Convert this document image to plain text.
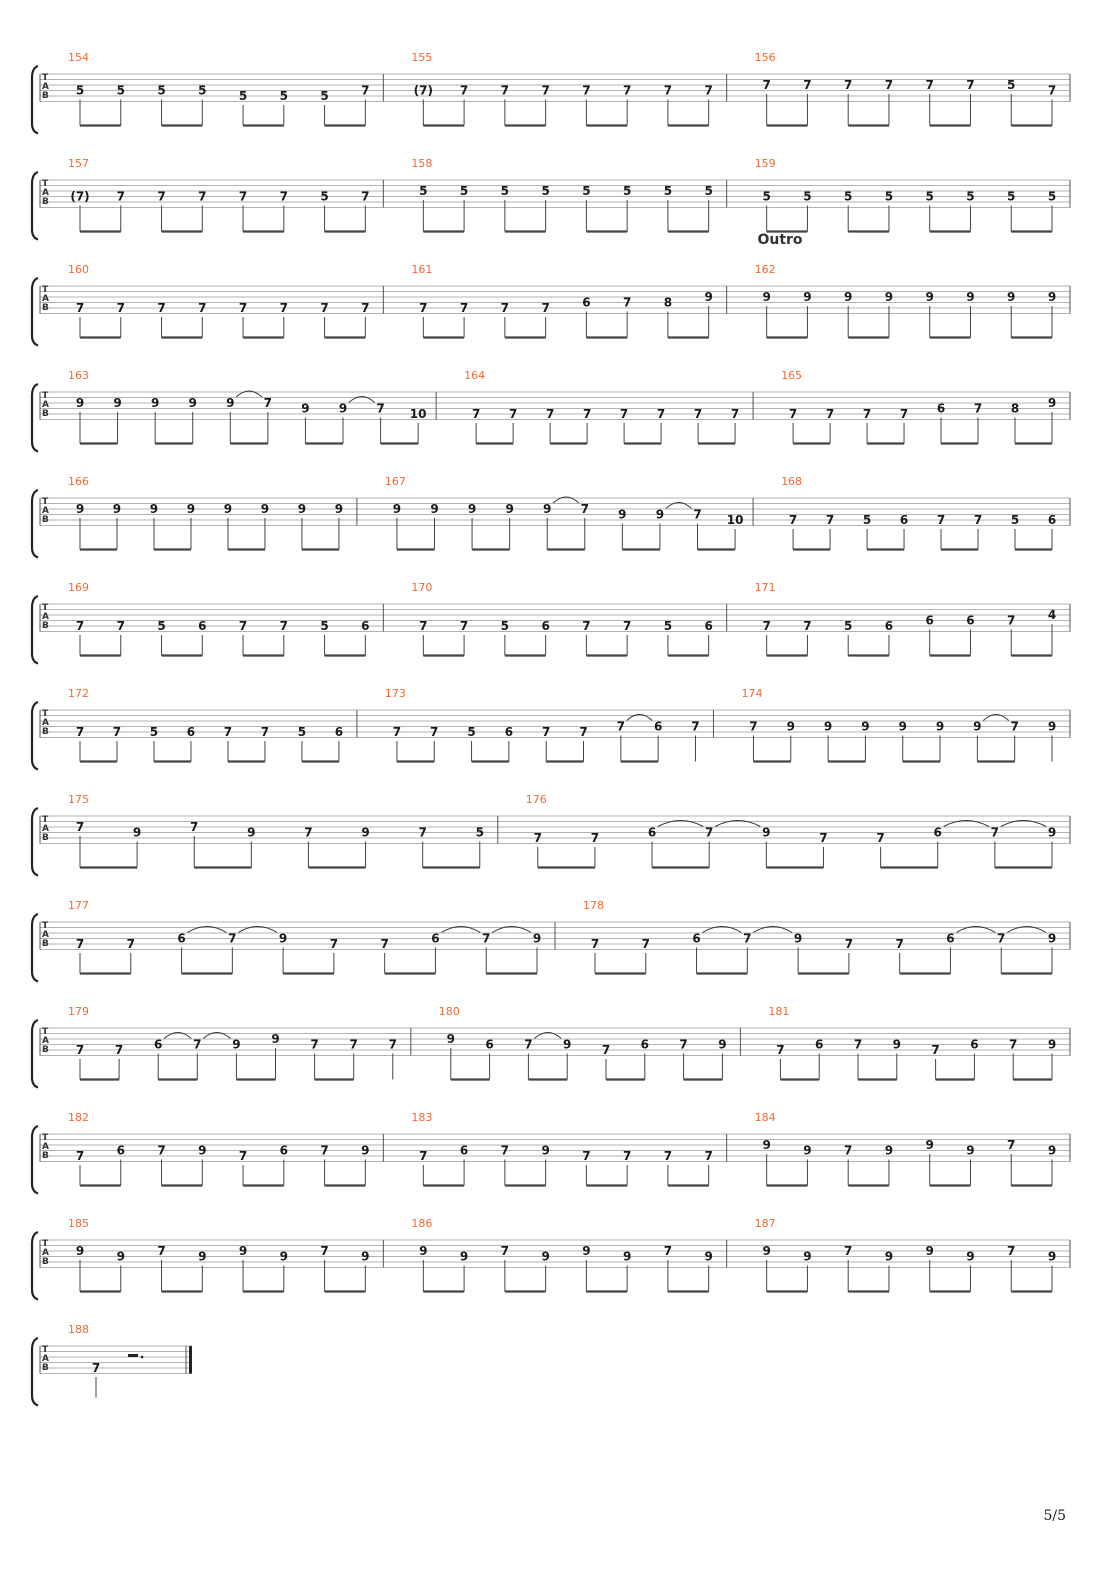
T
A
B
154
5	5	5	5	5	5	5	7
155
(7) 7	7	7	7	7	7	7
156
7	7	7	7	7	7	5	7
T
A
B
157
(7) 7	7	7	7	7	5	7
158
5	5	5	5	5	5	5	5
159
5	5	5	5	5	5	5	5
T
A
B
Outro
160
7	7	7	7	7	7	7	7
161
7	7	7	7	6	7	8	9
162
9	9	9	9	9	9	9	9
T
A
B
163
9 9 9 9 9 7 9 9 7 10
164
7 7 7 7 7 7 7 7
165
7 7 7 7 6 7 8 9
T
A
B
166
9 9 9 9 9 9 9 9
167
9 9 9 9 9 7 9 9 7 10
168
7 7 5 6 7 7 5 6
T
A
B
169
7	7	5	6	7	7	5	6
170
7	7	5	6	7	7	5	6
171
7	7	5	6	6	6	7	4
T
A
B
172
7 7 5 6 7 7 5 6
173
7 7 5 6 7 7 7 6 7
174
7 9 9 9 9 9 9 7 9
T
A
B
175
7	9	7	9	7	9	7	5
176
7	7	6	7	9	7	7	6	7	9
T
A
B
177
7	7	6	7	9	7	7	6	7	9
178
7	7	6	7	9	7	7	6	7	9
T
A
B
179
7	7	6	7	9	9	7	7	7
180
9	6	7	9	7	6	7	9
181
7	6	7	9	7	6	7	9
T
A
B
182
7	6	7	9	7	6	7	9
183
7	6	7	9	7	7	7	7
184
9	9	7	9	9	9	7	9
T
A
B
185
9	9	7	9	9	9	7	9
186
9	9	7	9	9	9	7	9
187
9	9	7	9	9	9	7	9
T
A
B
188
7
5/5
